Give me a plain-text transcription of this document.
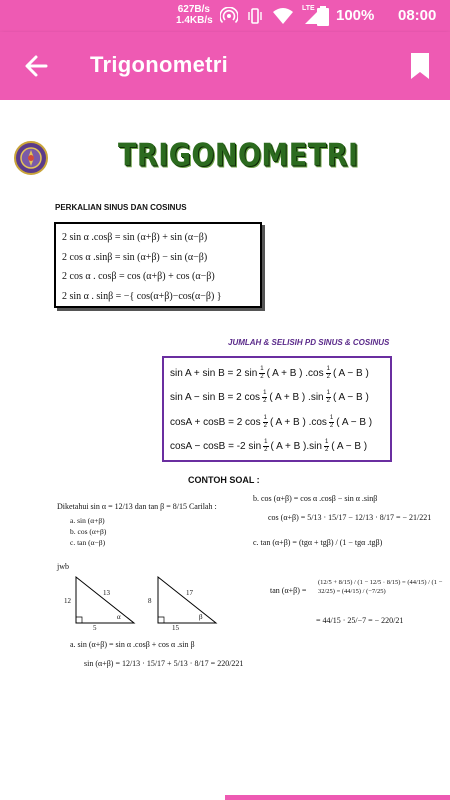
627B/s
1.4KB/s
LTE 100% 08:00
Trigonometri
TRIGONOMETRI
PERKALIAN SINUS DAN COSINUS
2 sin α .cosβ = sin (α+β) + sin (α−β)
2 cos α .sinβ = sin (α+β) − sin (α−β)
2 cos α . cosβ = cos (α+β) + cos (α−β)
2 sin α . sinβ = −{ cos(α+β)−cos(α−β) }
JUMLAH & SELISIH PD SINUS & COSINUS
sin A + sin B = 2 $\sin \frac{1}{2}$ ( A + B ) $.\cos \frac{1}{2}$ ( A − B )
sin A − sin B = 2 $\cos \frac{1}{2}$ ( A + B ) $.\sin \frac{1}{2}$ ( A − B )
cosA + cosB = 2 $\cos \frac{1}{2}$ ( A + B ) $.\cos \frac{1}{2}$ ( A − B )
cosA − cosB = -2 $\sin \frac{1}{2}$ ( A + B )$.\sin \frac{1}{2}$ ( A − B )
CONTOH SOAL :
Diketahui sin α = 12/13 dan tan β = 8/15 Carilah :
a. sin (α+β)
b. cos (α+β)
c. tan (α−β)
b. cos (α+β) = cos α .cosβ − sin α .sinβ
cos (α+β) = 5/13 · 15/17 − 12/13 · 8/17 = − 21/221
c. tan (α+β) = (tgα + tgβ) / (1 − tgα .tgβ)
jwb
12
13
5
α
8
17
15
β
tan (α+β) =
(12/5 + 8/15) / (1 − 12/5 · 8/15) = (44/15) / (1 − 32/25) = (44/15) / (−7/25)
= 44/15 · 25/−7 = − 220/21
a. sin (α+β) = sin α .cosβ + cos α .sin β
sin (α+β) = 12/13 · 15/17 + 5/13 · 8/17 = 220/221
